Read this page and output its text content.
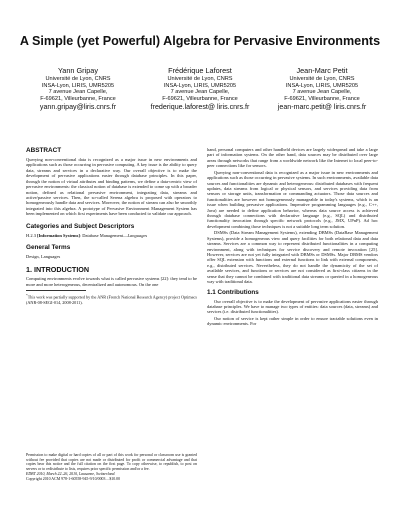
A Simple (yet Powerful) Algebra for Pervasive Environments
Yann Gripay
Université de Lyon, CNRS
INSA-Lyon, LIRIS, UMR5205
7 avenue Jean Capelle,
F-69621, Villeurbanne, France
yann.gripay@liris.cnrs.fr
Frédérique Laforest
Université de Lyon, CNRS
INSA-Lyon, LIRIS, UMR5205
7 avenue Jean Capelle,
F-69621, Villeurbanne, France
frederique.laforest@ liris.cnrs.fr
Jean-Marc Petit
Université de Lyon, CNRS
INSA-Lyon, LIRIS, UMR5205
7 avenue Jean Capelle,
F-69621, Villeurbanne, France
jean-marc.petit@ liris.cnrs.fr
ABSTRACT

Querying non-conventional data is recognized as a major issue in new environments and applications such as those occurring in pervasive computing. A key issue is the ability to query data, streams and services in a declarative way. Our overall objective is to make the development of pervasive applications easier through database principles. In this paper, through the notion of virtual attributes and binding patterns, we define a data-centric view of pervasive environments: the classical notion of database is extended to come up with a broader notion, defined as relational pervasive environment, integrating data, streams and active/passive services. Then, the so-called Serena algebra is proposed with operators to homogeneously handle data and services. Moreover, the notion of stream can also be smoothly integrated into this algebra. A prototype of Pervasive Environment Management System has been implemented on which first experiments have been conducted to validate our approach.

Categories and Subject Descriptors

H.2.3 [Information Systems]: Database Management—Languages

General Terms

Design, Languages

1. INTRODUCTION

Computing environments evolve towards what is called pervasive systems [22]: they tend to be more and more heterogeneous, decentralized and autonomous. On the one

*This work was partially supported by the ANR (French National Research Agency) project Optimacs (ANR-08-SEGI-014, 2008-2011).

Permission to make digital or hard copies of all or part of this work for personal or classroom use is granted without fee provided that copies are not made or distributed for profit or commercial advantage and that copies bear this notice and the full citation on the first page. To copy otherwise, to republish, to post on servers or to redistribute to lists, requires prior specific permission and/or a fee.
EDBT 2010, March 22–26, 2010, Lausanne, Switzerland.
Copyright 2010 ACM 978-1-60558-945-9/10/0003 ...$10.00

hand, personal computers and other handheld devices are largely widespread and take a large part of information systems. On the other hand, data sources may be distributed over large areas through networks that range from a worldwide network like the Internet to local peer-to-peer connections like for sensors.

Querying non-conventional data is recognized as a major issue in new environments and applications such as those occurring in pervasive systems. In such environments, available data sources and functionalities are dynamic and heterogeneous: distributed databases with frequent updates, data streams from logical or physical sensors, and services providing data from sensors or storage units, transformation or commanding actuators. Those data sources and functionalities are however not homogeneously manageable in today's systems, which is an issue when building pervasive applications. Imperative programming languages (e.g., C++, Java) are needed to define application behavior, whereas data source access is achieved through database connections with declarative language (e.g., SQL) and distributed functionality invocation through specific network protocols (e.g., JMX, UPnP). Ad hoc development combining those techniques is not a suitable long term solution.

DSMSs (Data Stream Management Systems), extending DBMSs (DataBase Management Systems), provide a homogeneous view and query facilities for both relational data and data streams. Services are a common way to represent distributed functionalities in a computing environment, along with techniques for service discovery and remote invocation [25]. However, services are not yet fully integrated with DBMSs or DSMSs. Major DBMS vendors offer SQL extension with functions and external functions to link with external components, e.g., distributed services. Nevertheless, they do not handle the dynamicity of the set of available services, and functions or services are not considered as first-class citizens in the sense that they cannot be combined with traditional data streams or queried in a homogeneous way with traditional data.

1.1 Contributions

Our overall objective is to make the development of pervasive applications easier through database principles. We have to manage two types of entities: data sources (data, streams) and services (i.e. distributed functionalities).

Our notion of service is kept rather simple in order to ensure tractable solutions even in dynamic environments. For
